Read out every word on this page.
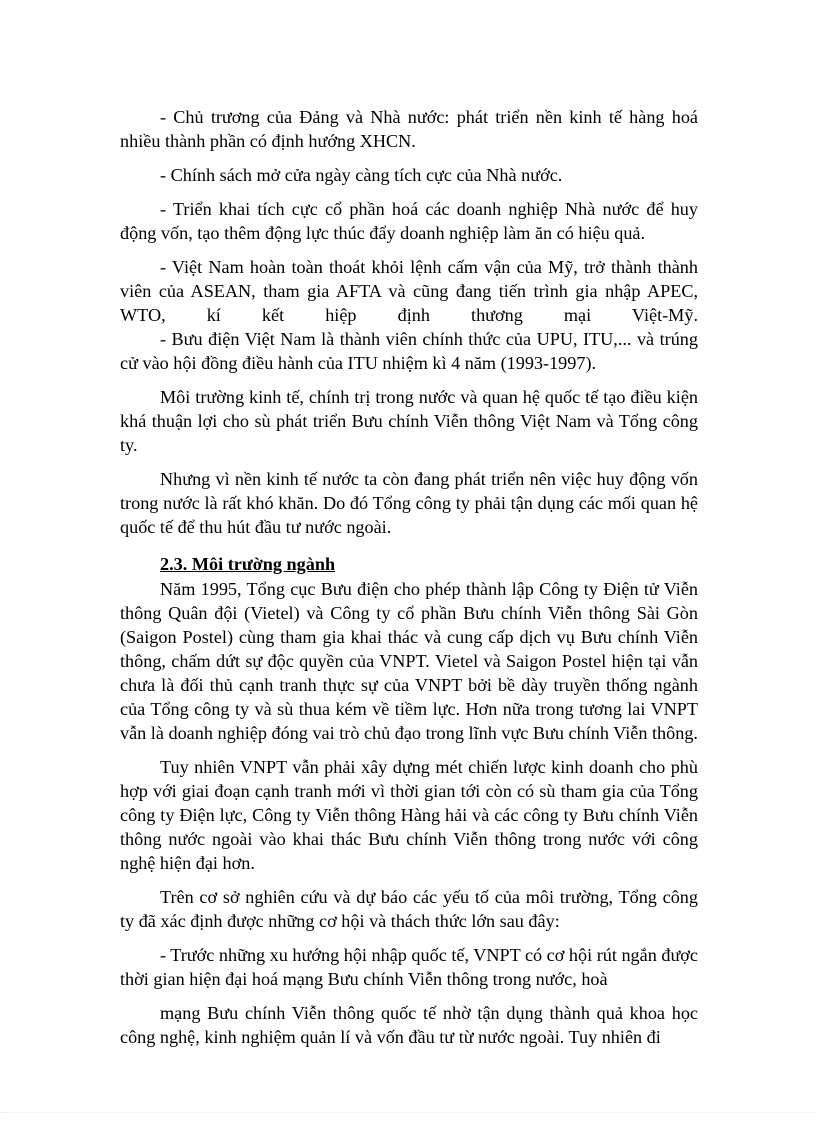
- Chủ trương của Đảng và Nhà nước: phát triển nền kinh tế hàng hoá nhiều thành phần có định hướng XHCN.

- Chính sách mở cửa ngày càng tích cực của Nhà nước.

- Triển khai tích cực cổ phần hoá các doanh nghiệp Nhà nước để huy động vốn, tạo thêm động lực thúc đẩy doanh nghiệp làm ăn có hiệu quả.

- Việt Nam hoàn toàn thoát khỏi lệnh cấm vận của Mỹ, trở thành thành viên của ASEAN, tham gia AFTA và cũng đang tiến trình gia nhập APEC, WTO, kí kết hiệp định thương mại Việt-Mỹ.

- Bưu điện Việt Nam là thành viên chính thức của UPU, ITU,... và trúng cử vào hội đồng điều hành của ITU nhiệm kì 4 năm (1993-1997).

Môi trường kinh tế, chính trị trong nước và quan hệ quốc tế tạo điều kiện khá thuận lợi cho sù phát triển Bưu chính Viễn thông Việt Nam và Tổng công ty.

Nhưng vì nền kinh tế nước ta còn đang phát triển nên việc huy động vốn trong nước là rất khó khăn. Do đó Tổng công ty phải tận dụng các mối quan hệ quốc tế để thu hút đầu tư nước ngoài.

2.3. Môi trường ngành

Năm 1995, Tổng cục Bưu điện cho phép thành lập Công ty Điện tử Viễn thông Quân đội (Vietel) và Công ty cổ phần Bưu chính Viễn thông Sài Gòn (Saigon Postel) cùng tham gia khai thác và cung cấp dịch vụ Bưu chính Viễn thông, chấm dứt sự độc quyền của VNPT. Vietel và Saigon Postel hiện tại vẫn chưa là đối thủ cạnh tranh thực sự của VNPT bởi bề dày truyền thống ngành của Tổng công ty và sù thua kém về tiềm lực. Hơn nữa trong tương lai VNPT vẫn là doanh nghiệp đóng vai trò chủ đạo trong lĩnh vực Bưu chính Viễn thông.

Tuy nhiên VNPT vẫn phải xây dựng mét chiến lược kinh doanh cho phù hợp với giai đoạn cạnh tranh mới vì thời gian tới còn có sù tham gia của Tổng công ty Điện lực, Công ty Viễn thông Hàng hải và các công ty Bưu chính Viễn thông nước ngoài vào khai thác Bưu chính Viễn thông trong nước với công nghệ hiện đại hơn.

Trên cơ sở nghiên cứu và dự báo các yếu tố của môi trường, Tổng công ty đã xác định được những cơ hội và thách thức lớn sau đây:

- Trước những xu hướng hội nhập quốc tế, VNPT có cơ hội rút ngắn được thời gian hiện đại hoá mạng Bưu chính Viễn thông trong nước, hoà

mạng Bưu chính Viễn thông quốc tế nhờ tận dụng thành quả khoa học công nghệ, kinh nghiệm quản lí và vốn đầu tư từ nước ngoài. Tuy nhiên đi
